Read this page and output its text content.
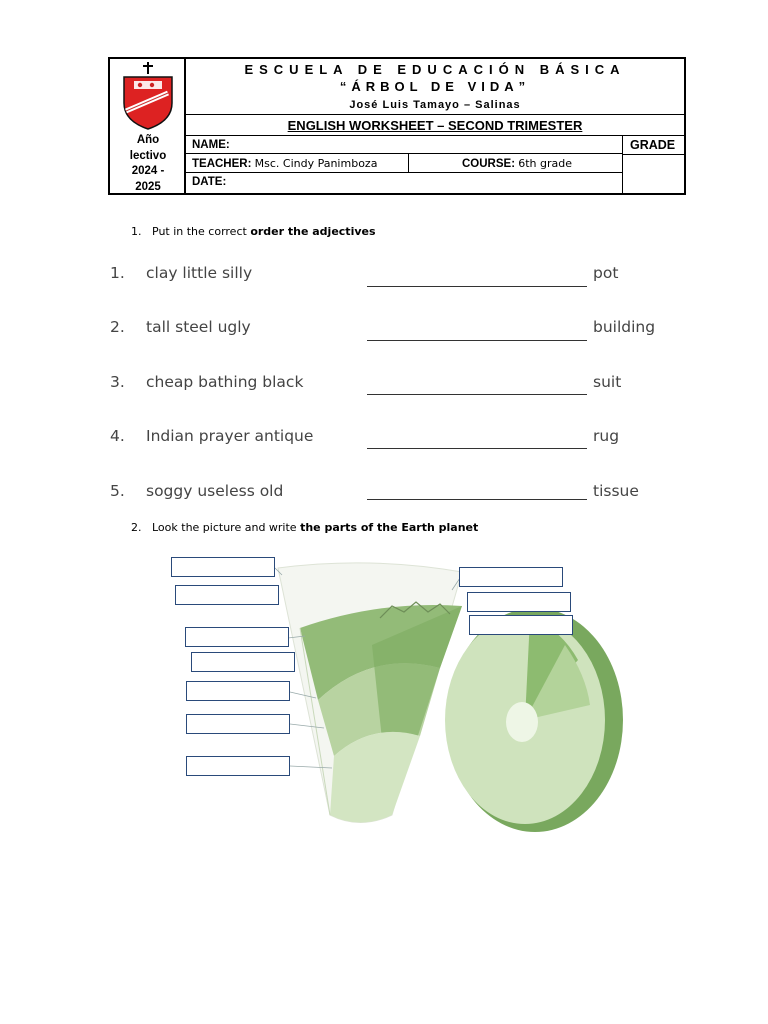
Año
lectivo
2024 -
2025
ESCUELA DE EDUCACIÓN BÁSICA
“ÁRBOL DE VIDA”
José Luis Tamayo – Salinas
ENGLISH WORKSHEET – SECOND TRIMESTER
NAME:	GRADE
TEACHER: Msc. Cindy Panimboza	COURSE: 6th grade
DATE:
1. Put in the correct order the adjectives
1. clay little silly	pot
2. tall steel ugly	building
3. cheap bathing black	suit
4. Indian prayer antique	rug
5. soggy useless old	tissue
2. Look the picture and write the parts of the Earth planet
